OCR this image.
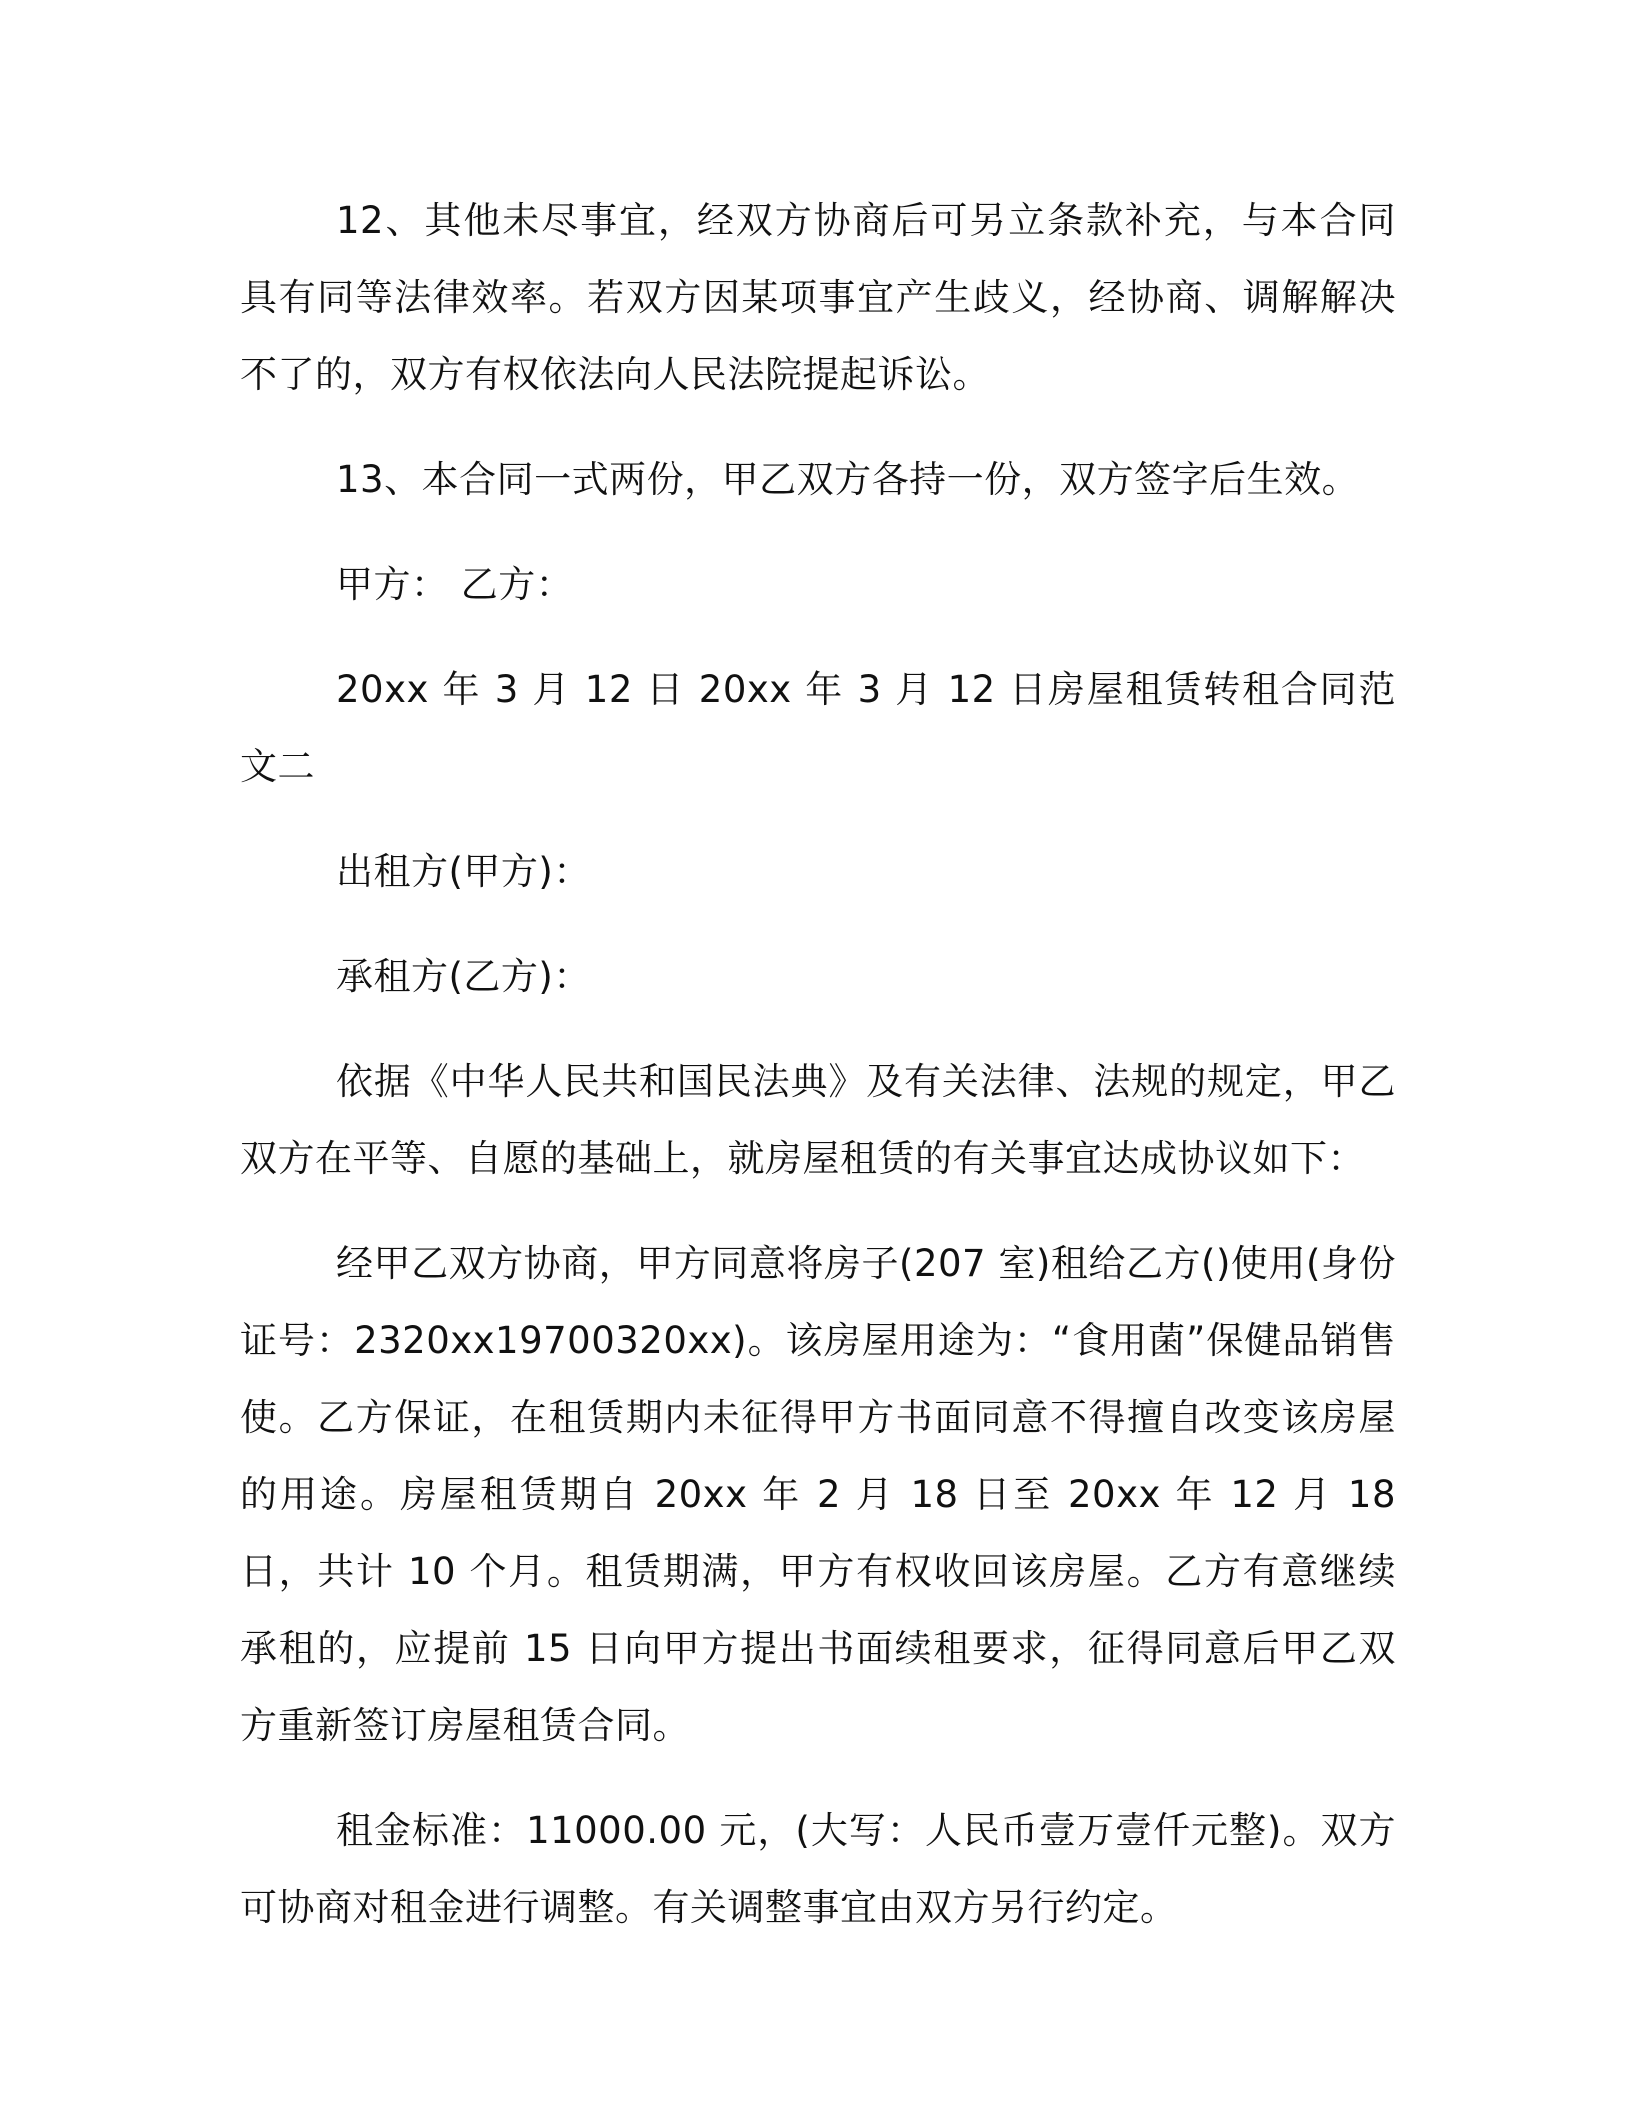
12、其他未尽事宜，经双方协商后可另立条款补充，与本合同具有同等法律效率。若双方因某项事宜产生歧义，经协商、调解解决不了的，双方有权依法向人民法院提起诉讼。

13、本合同一式两份，甲乙双方各持一份，双方签字后生效。

甲方： 乙方：

20xx 年 3 月 12 日 20xx 年 3 月 12 日房屋租赁转租合同范文二

出租方(甲方)：

承租方(乙方)：

依据《中华人民共和国民法典》及有关法律、法规的规定，甲乙双方在平等、自愿的基础上，就房屋租赁的有关事宜达成协议如下：

经甲乙双方协商，甲方同意将房子(207 室)租给乙方()使用(身份证号：2320xx19700320xx)。该房屋用途为：“食用菌”保健品销售使。乙方保证，在租赁期内未征得甲方书面同意不得擅自改变该房屋的用途。房屋租赁期自 20xx 年 2 月 18 日至 20xx 年 12 月 18 日，共计 10 个月。租赁期满，甲方有权收回该房屋。乙方有意继续承租的，应提前 15 日向甲方提出书面续租要求，征得同意后甲乙双方重新签订房屋租赁合同。

租金标准：11000.00 元，(大写：人民币壹万壹仟元整)。双方可协商对租金进行调整。有关调整事宜由双方另行约定。
